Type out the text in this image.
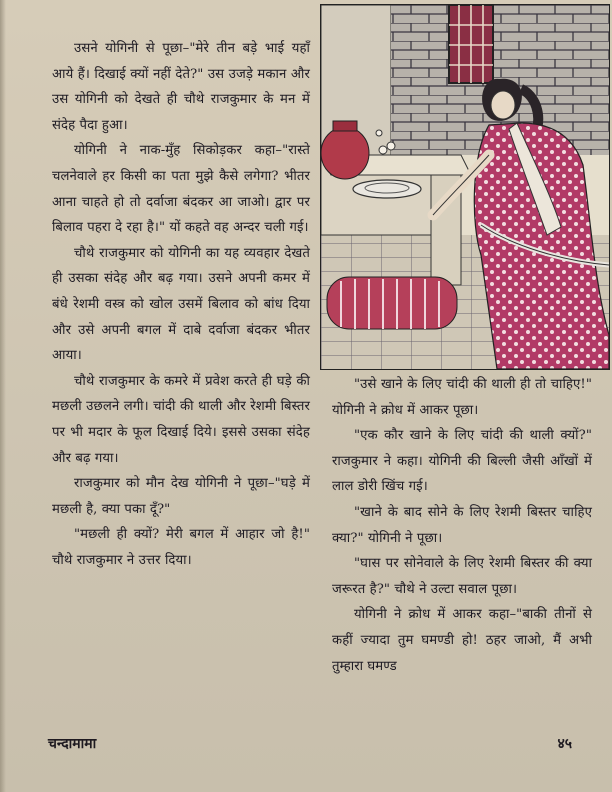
उसने योगिनी से पूछा–"मेरे तीन बड़े भाई यहाँ आये हैं। दिखाई क्यों नहीं देते?" उस उजड़े मकान और उस योगिनी को देखते ही चौथे राजकुमार के मन में संदेह पैदा हुआ।

योगिनी ने नाक-मुँह सिकोड़कर कहा–"रास्ते चलनेवाले हर किसी का पता मुझे कैसे लगेगा? भीतर आना चाहते हो तो दर्वाजा बंदकर आ जाओ। द्वार पर बिलाव पहरा दे रहा है।" यों कहते वह अन्दर चली गई।

चौथे राजकुमार को योगिनी का यह व्यवहार देखते ही उसका संदेह और बढ़ गया। उसने अपनी कमर में बंधे रेशमी वस्त्र को खोल उसमें बिलाव को बांध दिया और उसे अपनी बगल में दाबे दर्वाजा बंदकर भीतर आया।

चौथे राजकुमार के कमरे में प्रवेश करते ही घड़े की मछली उछलने लगी। चांदी की थाली और रेशमी बिस्तर पर भी मदार के फूल दिखाई दिये। इससे उसका संदेह और बढ़ गया।

राजकुमार को मौन देख योगिनी ने पूछा–"घड़े में मछली है, क्या पका दूँ?"

"मछली ही क्यों? मेरी बगल में आहार जो है!" चौथे राजकुमार ने उत्तर दिया।

"उसे खाने के लिए चांदी की थाली ही तो चाहिए!" योगिनी ने क्रोध में आकर पूछा।

"एक कौर खाने के लिए चांदी की थाली क्यों?" राजकुमार ने कहा। योगिनी की बिल्ली जैसी आँखों में लाल डोरी खिंच गई।

"खाने के बाद सोने के लिए रेशमी बिस्तर चाहिए क्या?" योगिनी ने पूछा।

"घास पर सोनेवाले के लिए रेशमी बिस्तर की क्या जरूरत है?" चौथे ने उल्टा सवाल पूछा।

योगिनी ने क्रोध में आकर कहा–"बाकी तीनों से कहीं ज्यादा तुम घमण्डी हो! ठहर जाओ, मैं अभी तुम्हारा घमण्ड

चन्दामामा	४५
